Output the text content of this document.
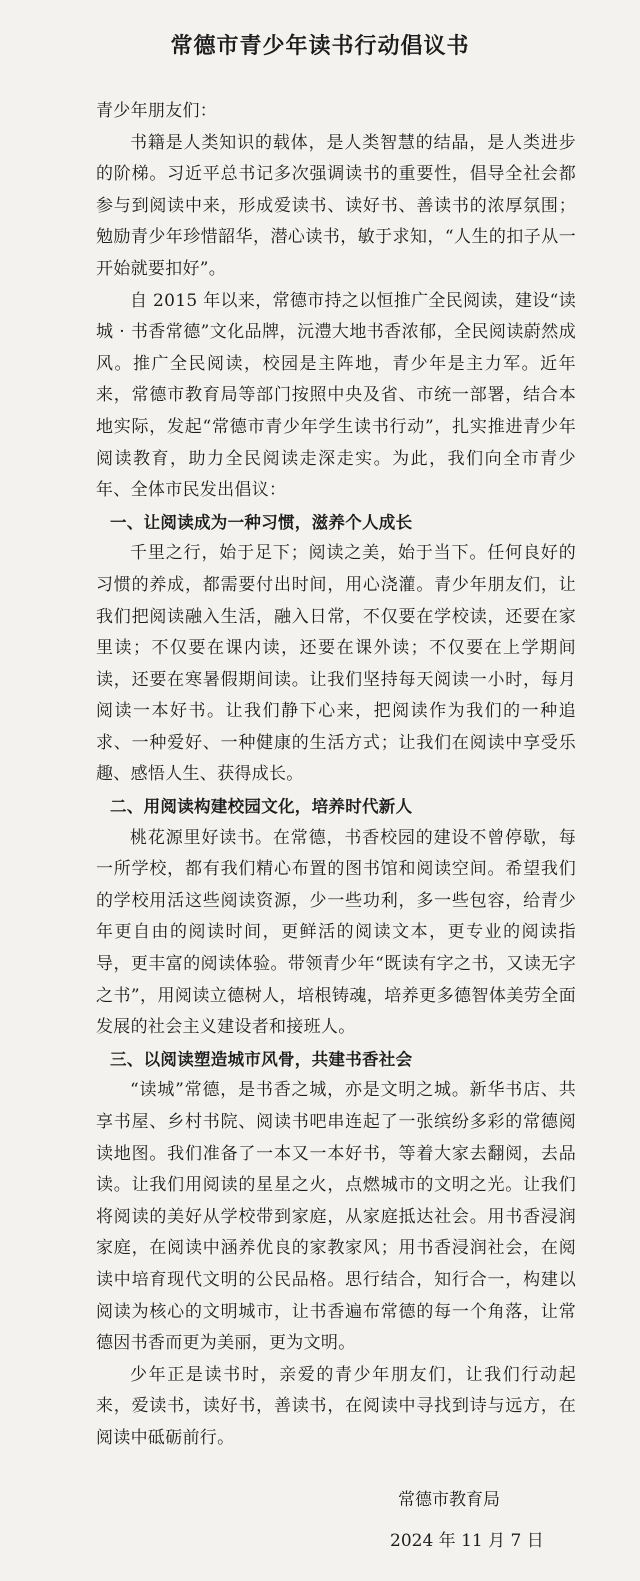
常德市青少年读书行动倡议书

青少年朋友们：

书籍是人类知识的载体，是人类智慧的结晶，是人类进步的阶梯。习近平总书记多次强调读书的重要性，倡导全社会都参与到阅读中来，形成爱读书、读好书、善读书的浓厚氛围；勉励青少年珍惜韶华，潜心读书，敏于求知，“人生的扣子从一开始就要扣好”。

自 2015 年以来，常德市持之以恒推广全民阅读，建设“读城 · 书香常德”文化品牌，沅澧大地书香浓郁，全民阅读蔚然成风。推广全民阅读，校园是主阵地，青少年是主力军。近年来，常德市教育局等部门按照中央及省、市统一部署，结合本地实际，发起“常德市青少年学生读书行动”，扎实推进青少年阅读教育，助力全民阅读走深走实。为此，我们向全市青少年、全体市民发出倡议：

一、让阅读成为一种习惯，滋养个人成长

千里之行，始于足下；阅读之美，始于当下。任何良好的习惯的养成，都需要付出时间，用心浇灌。青少年朋友们，让我们把阅读融入生活，融入日常，不仅要在学校读，还要在家里读；不仅要在课内读，还要在课外读；不仅要在上学期间读，还要在寒暑假期间读。让我们坚持每天阅读一小时，每月阅读一本好书。让我们静下心来，把阅读作为我们的一种追求、一种爱好、一种健康的生活方式；让我们在阅读中享受乐趣、感悟人生、获得成长。

二、用阅读构建校园文化，培养时代新人

桃花源里好读书。在常德，书香校园的建设不曾停歇，每一所学校，都有我们精心布置的图书馆和阅读空间。希望我们的学校用活这些阅读资源，少一些功利，多一些包容，给青少年更自由的阅读时间，更鲜活的阅读文本，更专业的阅读指导，更丰富的阅读体验。带领青少年“既读有字之书，又读无字之书”，用阅读立德树人，培根铸魂，培养更多德智体美劳全面发展的社会主义建设者和接班人。

三、以阅读塑造城市风骨，共建书香社会

“读城”常德，是书香之城，亦是文明之城。新华书店、共享书屋、乡村书院、阅读书吧串连起了一张缤纷多彩的常德阅读地图。我们准备了一本又一本好书，等着大家去翻阅，去品读。让我们用阅读的星星之火，点燃城市的文明之光。让我们将阅读的美好从学校带到家庭，从家庭抵达社会。用书香浸润家庭，在阅读中涵养优良的家教家风；用书香浸润社会，在阅读中培育现代文明的公民品格。思行结合，知行合一，构建以阅读为核心的文明城市，让书香遍布常德的每一个角落，让常德因书香而更为美丽，更为文明。

少年正是读书时，亲爱的青少年朋友们，让我们行动起来，爱读书，读好书，善读书，在阅读中寻找到诗与远方，在阅读中砥砺前行。

常德市教育局
2024 年 11 月 7 日
